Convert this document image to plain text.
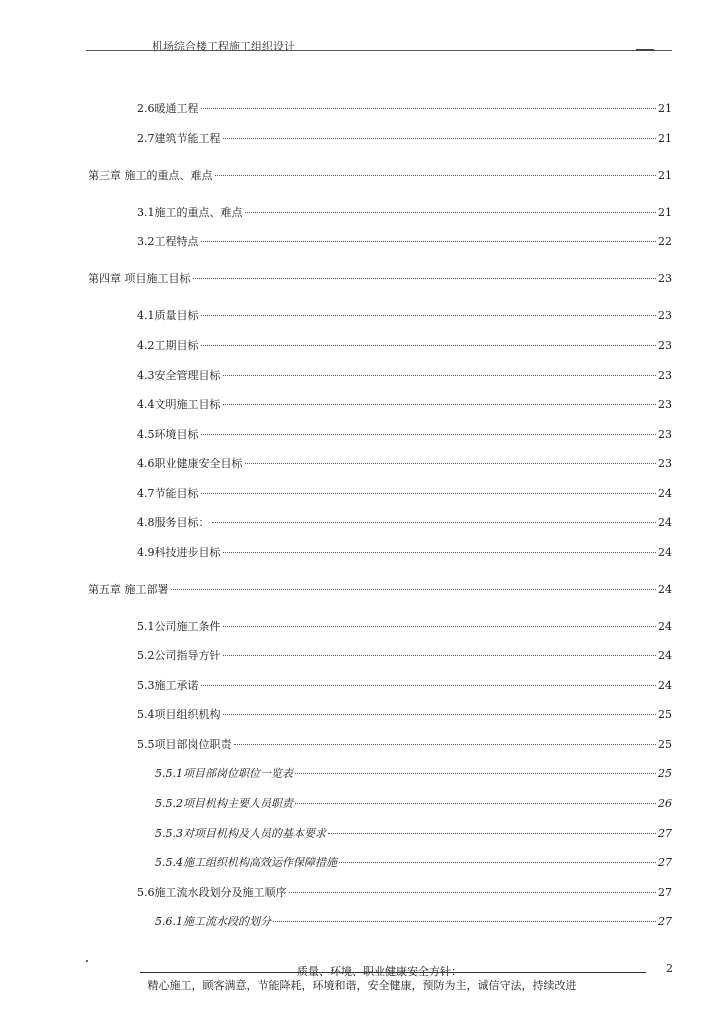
机场综合楼工程施工组织设计
2.6暖通工程	21
2.7建筑节能工程	21
第三章 施工的重点、难点	21
3.1施工的重点、难点	21
3.2工程特点	22
第四章 项目施工目标	23
4.1质量目标	23
4.2工期目标	23
4.3安全管理目标	23
4.4文明施工目标	23
4.5环境目标	23
4.6职业健康安全目标	23
4.7节能目标	24
4.8服务目标：	24
4.9科技进步目标	24
第五章 施工部署	24
5.1公司施工条件	24
5.2公司指导方针	24
5.3施工承诺	24
5.4项目组织机构	25
5.5项目部岗位职责	25
5.5.1项目部岗位职位一览表	25
5.5.2项目机构主要人员职责	26
5.5.3对项目机构及人员的基本要求	27
5.5.4施工组织机构高效运作保障措施	27
5.6施工流水段划分及施工顺序	27
5.6.1施工流水段的划分	27
质量、环境、职业健康安全方针：	2
精心施工，顾客满意，节能降耗，环境和谐，安全健康，预防为主，诚信守法，持续改进
